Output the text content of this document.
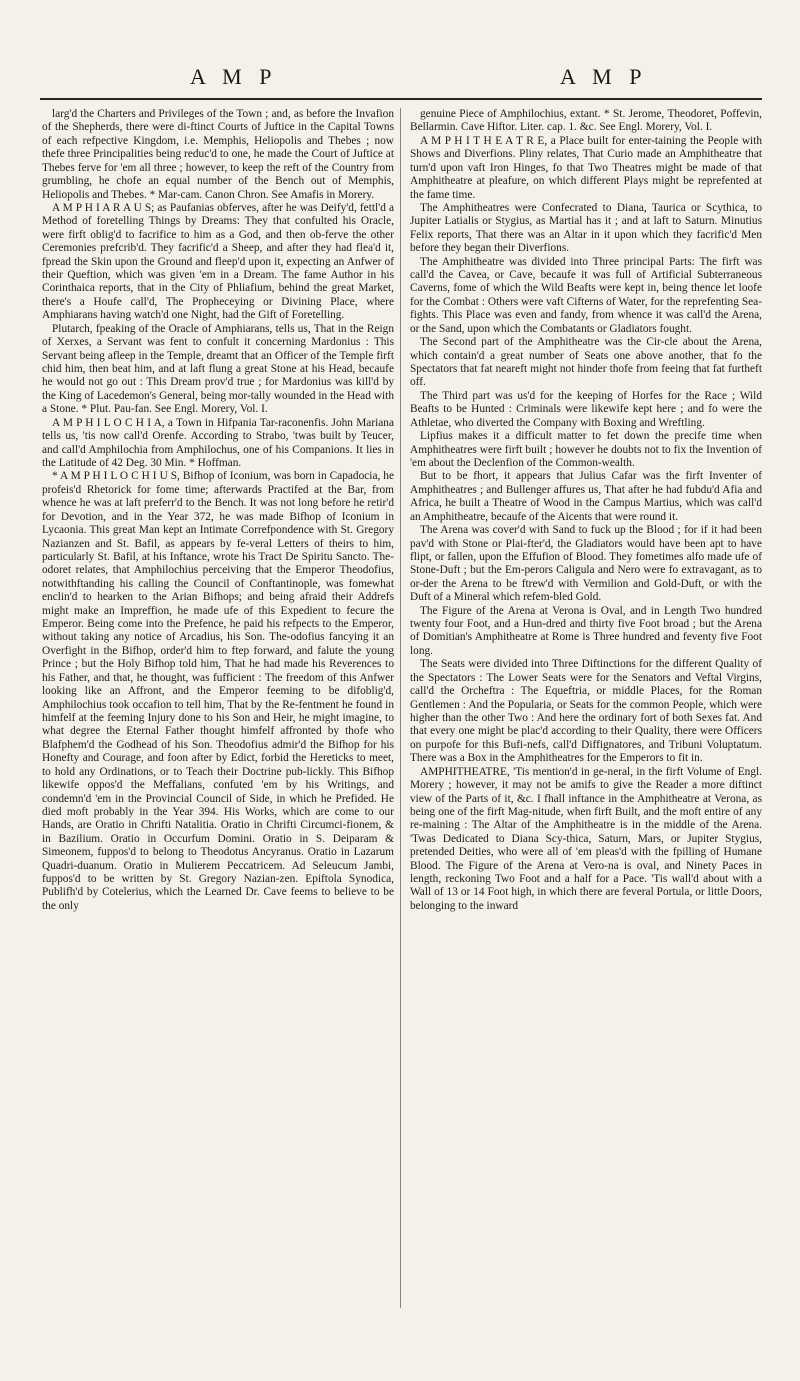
A M P	A M P

larg'd the Charters and Privileges of the Town ; and, as before the Invafion of the Shepherds, there were di-ftinct Courts of Juftice in the Capital Towns of each refpective Kingdom, i.e. Memphis, Heliopolis and Thebes ; now thefe three Principalities being reduc'd to one, he made the Court of Juftice at Thebes ferve for 'em all three ; however, to keep the reft of the Country from grumbling, he chofe an equal number of the Bench out of Memphis, Heliopolis and Thebes. * Mar-cam. Canon Chron. See Amafis in Morery.

A M P H I A R A U S; as Paufanias obferves, after he was Deify'd, fettl'd a Method of foretelling Things by Dreams: They that confulted his Oracle, were firft oblig'd to facrifice to him as a God, and then ob-ferve the other Ceremonies prefcrib'd. They facrific'd a Sheep, and after they had flea'd it, fpread the Skin upon the Ground and fleep'd upon it, expecting an Anfwer of their Queftion, which was given 'em in a Dream. The fame Author in his Corinthaica reports, that in the City of Phliafium, behind the great Market, there's a Houfe call'd, The Propheceying or Divining Place, where Amphiarans having watch'd one Night, had the Gift of Foretelling.

Plutarch, fpeaking of the Oracle of Amphiarans, tells us, That in the Reign of Xerxes, a Servant was fent to confult it concerning Mardonius : This Servant being afleep in the Temple, dreamt that an Officer of the Temple firft chid him, then beat him, and at laft flung a great Stone at his Head, becaufe he would not go out : This Dream prov'd true ; for Mardonius was kill'd by the King of Lacedemon's General, being mor-tally wounded in the Head with a Stone. * Plut. Pau-fan. See Engl. Morery, Vol. I.

A M P H I L O C H I A, a Town in Hifpania Tar-raconenfis. John Mariana tells us, 'tis now call'd Orenfe. According to Strabo, 'twas built by Teucer, and call'd Amphilochia from Amphilochus, one of his Companions. It lies in the Latitude of 42 Deg. 30 Min. * Hoffman.

* A M P H I L O C H I U S, Bifhop of Iconium, was born in Capadocia, he profeis'd Rhetorick for fome time; afterwards Practifed at the Bar, from whence he was at laft preferr'd to the Bench. It was not long before he retir'd for Devotion, and in the Year 372, he was made Bifhop of Iconium in Lycaonia. This great Man kept an Intimate Correfpondence with St. Gregory Nazianzen and St. Bafil, as appears by fe-veral Letters of theirs to him, particularly St. Bafil, at his Inftance, wrote his Tract De Spiritu Sancto. The-odoret relates, that Amphilochius perceiving that the Emperor Theodofius, notwithftanding his calling the Council of Conftantinople, was fomewhat enclin'd to hearken to the Arian Bifhops; and being afraid their Addrefs might make an Impreffion, he made ufe of this Expedient to fecure the Emperor. Being come into the Prefence, he paid his refpects to the Emperor, without taking any notice of Arcadius, his Son. The-odofius fancying it an Overfight in the Bifhop, order'd him to ftep forward, and falute the young Prince ; but the Holy Bifhop told him, That he had made his Reverences to his Father, and that, he thought, was fufficient : The freedom of this Anfwer looking like an Affront, and the Emperor feeming to be difoblig'd, Amphilochius took occafion to tell him, That by the Re-fentment he found in himfelf at the feeming Injury done to his Son and Heir, he might imagine, to what degree the Eternal Father thought himfelf affronted by thofe who Blafphem'd the Godhead of his Son. Theodofius admir'd the Bifhop for his Honefty and Courage, and foon after by Edict, forbid the Hereticks to meet, to hold any Ordinations, or to Teach their Doctrine pub-lickly. This Bifhop likewife oppos'd the Meffalians, confuted 'em by his Writings, and condemn'd 'em in the Provincial Council of Side, in which he Prefided. He died moft probably in the Year 394. His Works, which are come to our Hands, are Oratio in Chrifti Natalitia. Oratio in Chrifti Circumci-fionem, & in Bazilium. Oratio in Occurfum Domini. Oratio in S. Deiparam & Simeonem, fuppos'd to belong to Theodotus Ancyranus. Oratio in Lazarum Quadri-duanum. Oratio in Mulierem Peccatricem. Ad Seleucum Jambi, fuppos'd to be written by St. Gregory Nazian-zen. Epiftola Synodica, Publifh'd by Cotelerius, which the Learned Dr. Cave feems to believe to be the only

genuine Piece of Amphilochius, extant. * St. Jerome, Theodoret, Poffevin, Bellarmin. Cave Hiftor. Liter. cap. 1. &c. See Engl. Morery, Vol. I.

A M P H I T H E A T R E, a Place built for enter-taining the People with Shows and Diverfions. Pliny relates, That Curio made an Amphitheatre that turn'd upon vaft Iron Hinges, fo that Two Theatres might be made of that Amphitheatre at pleafure, on which different Plays might be reprefented at the fame time.

The Amphitheatres were Confecrated to Diana, Taurica or Scythica, to Jupiter Latialis or Stygius, as Martial has it ; and at laft to Saturn. Minutius Felix reports, That there was an Altar in it upon which they facrific'd Men before they began their Diverfions.

The Amphitheatre was divided into Three principal Parts: The firft was call'd the Cavea, or Cave, becaufe it was full of Artificial Subterraneous Caverns, fome of which the Wild Beafts were kept in, being thence let loofe for the Combat : Others were vaft Cifterns of Water, for the reprefenting Sea-fights. This Place was even and fandy, from whence it was call'd the Arena, or the Sand, upon which the Combatants or Gladiators fought.

The Second part of the Amphitheatre was the Cir-cle about the Arena, which contain'd a great number of Seats one above another, that fo the Spectators that fat neareft might not hinder thofe from feeing that fat furtheft off.

The Third part was us'd for the keeping of Horfes for the Race ; Wild Beafts to be Hunted : Criminals were likewife kept here ; and fo were the Athletae, who diverted the Company with Boxing and Wreftling.

Lipfius makes it a difficult matter to fet down the precife time when Amphitheatres were firft built ; however he doubts not to fix the Invention of 'em about the Declenfion of the Common-wealth.

But to be fhort, it appears that Julius Cafar was the firft Inventer of Amphitheatres ; and Bullenger affures us, That after he had fubdu'd Afia and Africa, he built a Theatre of Wood in the Campus Martius, which was call'd an Amphitheatre, becaufe of the Aicents that were round it.

The Arena was cover'd with Sand to fuck up the Blood ; for if it had been pav'd with Stone or Plai-fter'd, the Gladiators would have been apt to have flipt, or fallen, upon the Effufion of Blood. They fometimes alfo made ufe of Stone-Duft ; but the Em-perors Caligula and Nero were fo extravagant, as to or-der the Arena to be ftrew'd with Vermilion and Gold-Duft, or with the Duft of a Mineral which refem-bled Gold.

The Figure of the Arena at Verona is Oval, and in Length Two hundred twenty four Foot, and a Hun-dred and thirty five Foot broad ; but the Arena of Domitian's Amphitheatre at Rome is Three hundred and feventy five Foot long.

The Seats were divided into Three Diftinctions for the different Quality of the Spectators : The Lower Seats were for the Senators and Veftal Virgins, call'd the Orcheftra : The Equeftria, or middle Places, for the Roman Gentlemen : And the Popularia, or Seats for the common People, which were higher than the other Two : And here the ordinary fort of both Sexes fat. And that every one might be plac'd according to their Quality, there were Officers on purpofe for this Bufi-nefs, call'd Diffignatores, and Tribuni Voluptatum. There was a Box in the Amphitheatres for the Emperors to fit in.

AMPHITHEATRE, 'Tis mention'd in ge-neral, in the firft Volume of Engl. Morery ; however, it may not be amifs to give the Reader a more diftinct view of the Parts of it, &c. I fhall inftance in the Amphitheatre at Verona, as being one of the firft Mag-nitude, when firft Built, and the moft entire of any re-maining : The Altar of the Amphitheatre is in the middle of the Arena. 'Twas Dedicated to Diana Scy-thica, Saturn, Mars, or Jupiter Stygius, pretended Deities, who were all of 'em pleas'd with the fpilling of Humane Blood. The Figure of the Arena at Vero-na is oval, and Ninety Paces in length, reckoning Two Foot and a half for a Pace. 'Tis wall'd about with a Wall of 13 or 14 Foot high, in which there are feveral Portula, or little Doors, belonging to the inward
